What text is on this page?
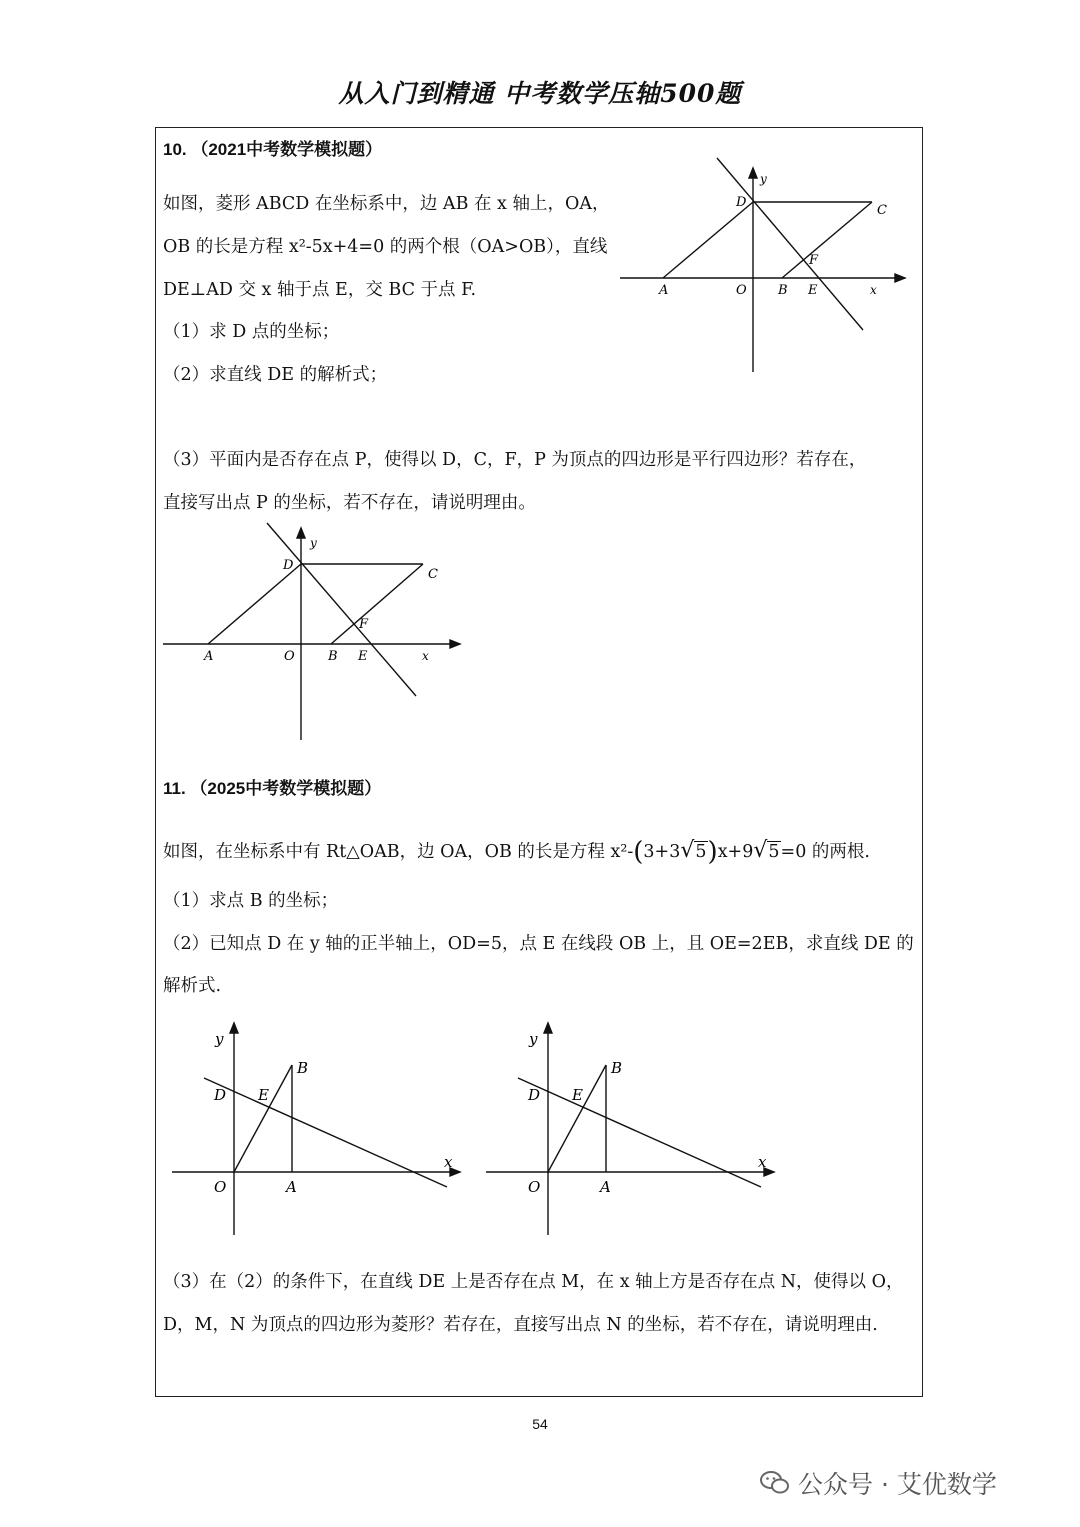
从入门到精通 中考数学压轴500题
10. （2021中考数学模拟题）
如图，菱形 ABCD 在坐标系中，边 AB 在 x 轴上，OA，
OB 的长是方程 x²-5x+4=0 的两个根（OA>OB），直线
DE⊥AD 交 x 轴于点 E，交 BC 于点 F.
（1）求 D 点的坐标；
（2）求直线 DE 的解析式；
（3）平面内是否存在点 P，使得以 D，C，F，P 为顶点的四边形是平行四边形？若存在，
直接写出点 P 的坐标，若不存在，请说明理由。
y
D
C
F
A	O B E	x
y
D
C
F
A	O	B E	x
11. （2025中考数学模拟题）
如图，在坐标系中有 Rt△OAB，边 OA，OB 的长是方程 x²-(3+3√5)x+9√5=0 的两根.
（1）求点 B 的坐标；
（2）已知点 D 在 y 轴的正半轴上，OD=5，点 E 在线段 OB 上，且 OE=2EB，求直线 DE 的
解析式.
y
x
B
D E
O	A
y
x
B
D E
O	A
（3）在（2）的条件下，在直线 DE 上是否存在点 M，在 x 轴上方是否存在点 N，使得以 O，
D，M，N 为顶点的四边形为菱形？若存在，直接写出点 N 的坐标，若不存在，请说明理由.
54
公众号 · 艾优数学
